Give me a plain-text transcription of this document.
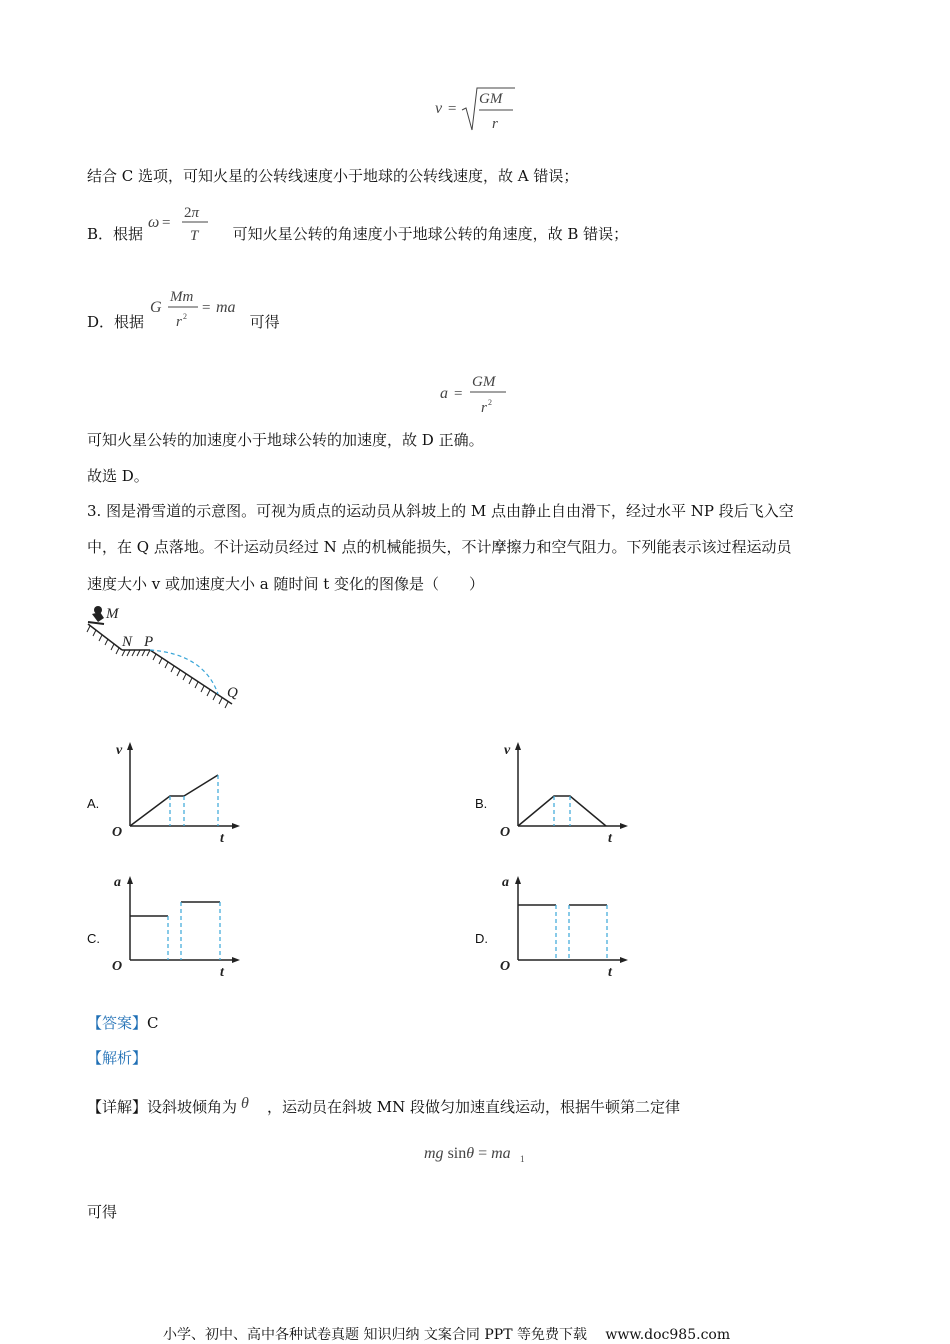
v =
GM
r
结合 C 选项，可知火星的公转线速度小于地球的公转线速度，故 A 错误；
B．根据	可知火星公转的角速度小于地球公转的角速度，故 B 错误；
ω =
2π
T
D．根据	可得
G
Mm
r 2
= ma
a =
GM
r 2
可知火星公转的加速度小于地球公转的加速度，故 D 正确。
故选 D。
3. 图是滑雪道的示意图。可视为质点的运动员从斜坡上的 M 点由静止自由滑下，经过水平 NP 段后飞入空
中，在 Q 点落地。不计运动员经过 N 点的机械能损失，不计摩擦力和空气阻力。下列能表示该过程运动员
速度大小 v 或加速度大小 a 随时间 t 变化的图像是（　　）
M
N P
Q
A.
v
t
O
B.
v
t
O
C.
a
t
O
D.
a
t
O
【答案】C
【解析】
【详解】设斜坡倾角为 θ ，运动员在斜坡 MN 段做匀加速直线运动，根据牛顿第二定律
mg sinθ = ma 1
可得
小学、初中、高中各种试卷真题 知识归纳 文案合同 PPT 等免费下载　 www.doc985.com
